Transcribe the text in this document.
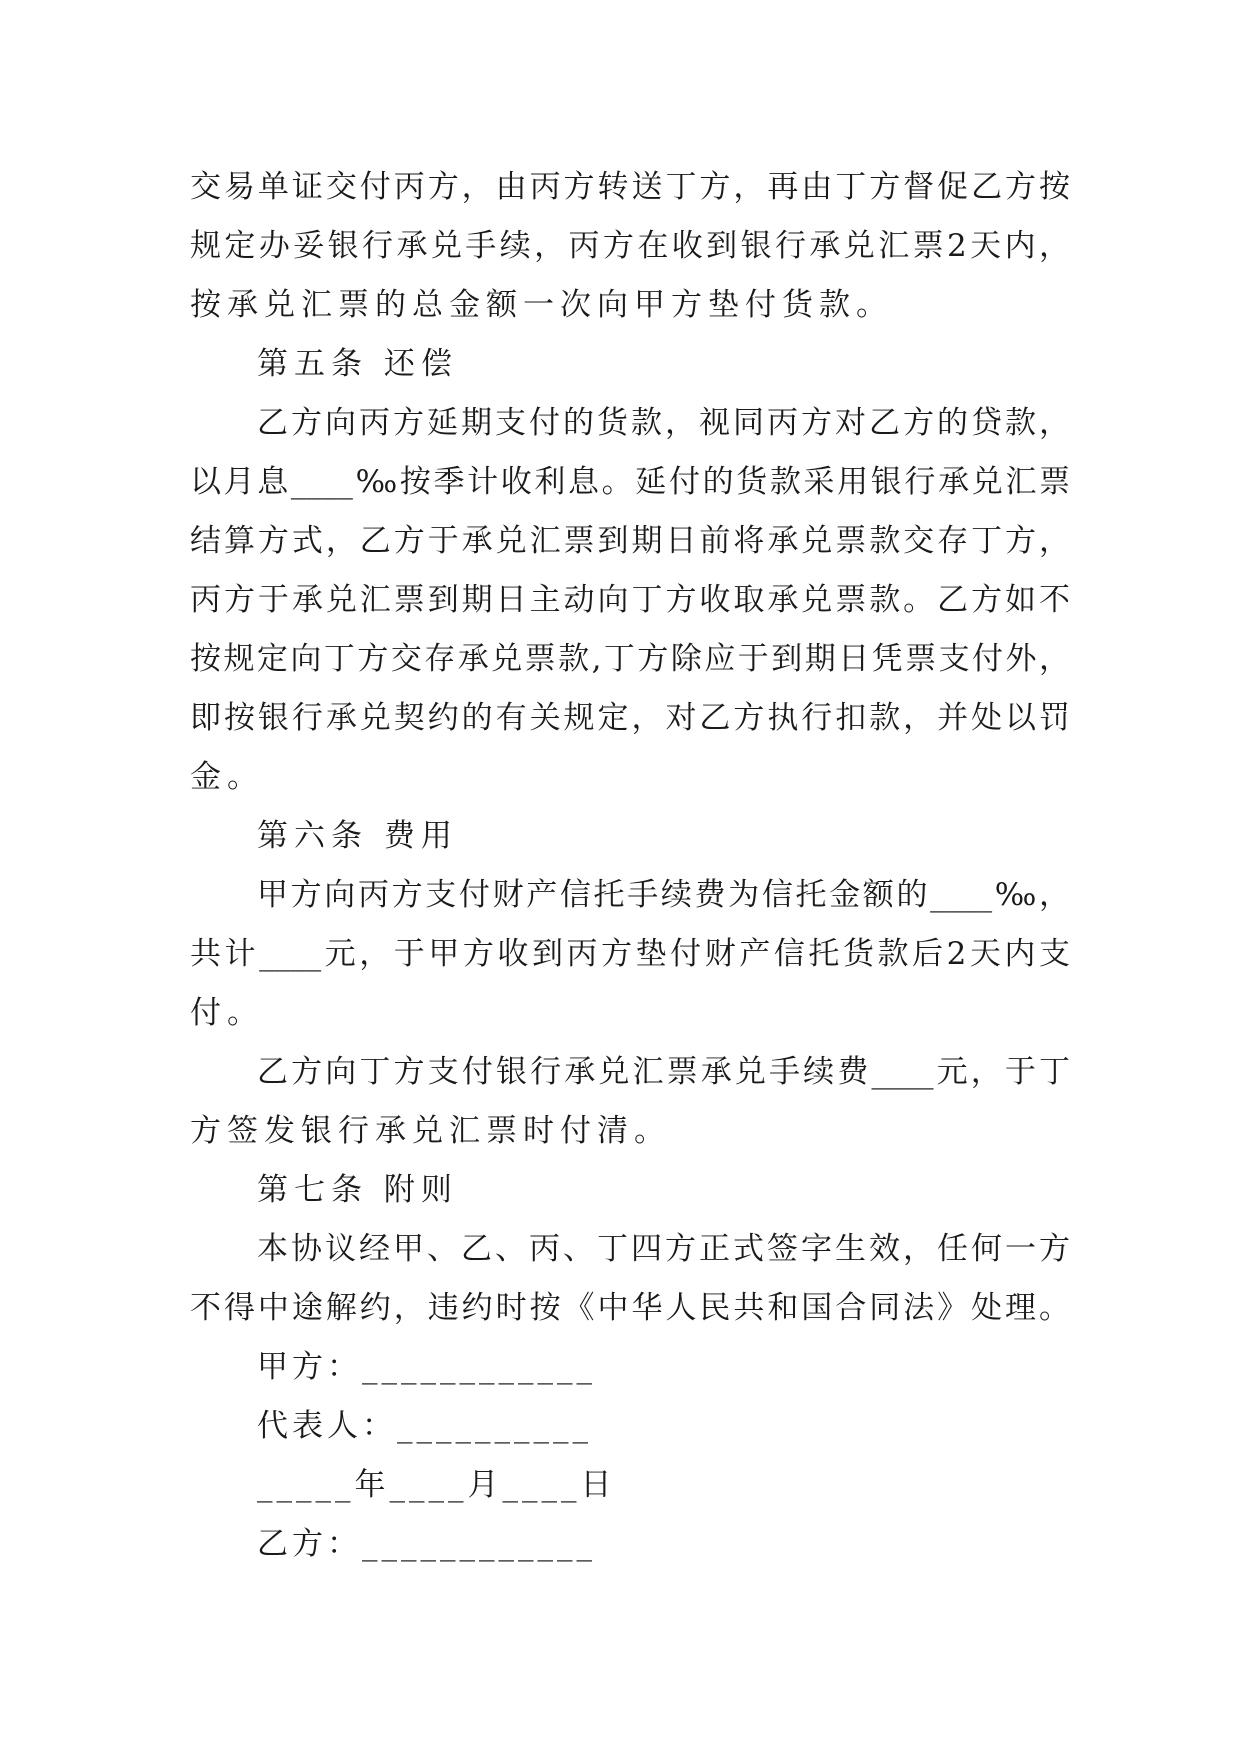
交易单证交付丙方，由丙方转送丁方，再由丁方督促乙方按
规定办妥银行承兑手续，丙方在收到银行承兑汇票2天内，
按承兑汇票的总金额一次向甲方垫付货款。
第五条 还偿
乙方向丙方延期支付的货款，视同丙方对乙方的贷款，
以月息____‰按季计收利息。延付的货款采用银行承兑汇票
结算方式，乙方于承兑汇票到期日前将承兑票款交存丁方，
丙方于承兑汇票到期日主动向丁方收取承兑票款。乙方如不
按规定向丁方交存承兑票款,丁方除应于到期日凭票支付外，
即按银行承兑契约的有关规定，对乙方执行扣款，并处以罚
金。
第六条 费用
甲方向丙方支付财产信托手续费为信托金额的____‰，
共计____元，于甲方收到丙方垫付财产信托货款后2天内支
付。
乙方向丁方支付银行承兑汇票承兑手续费____元，于丁
方签发银行承兑汇票时付清。
第七条 附则
本协议经甲、乙、丙、丁四方正式签字生效，任何一方
不得中途解约，违约时按《中华人民共和国合同法》处理。
甲方：____________
代表人：__________
_____年____月____日
乙方：____________
